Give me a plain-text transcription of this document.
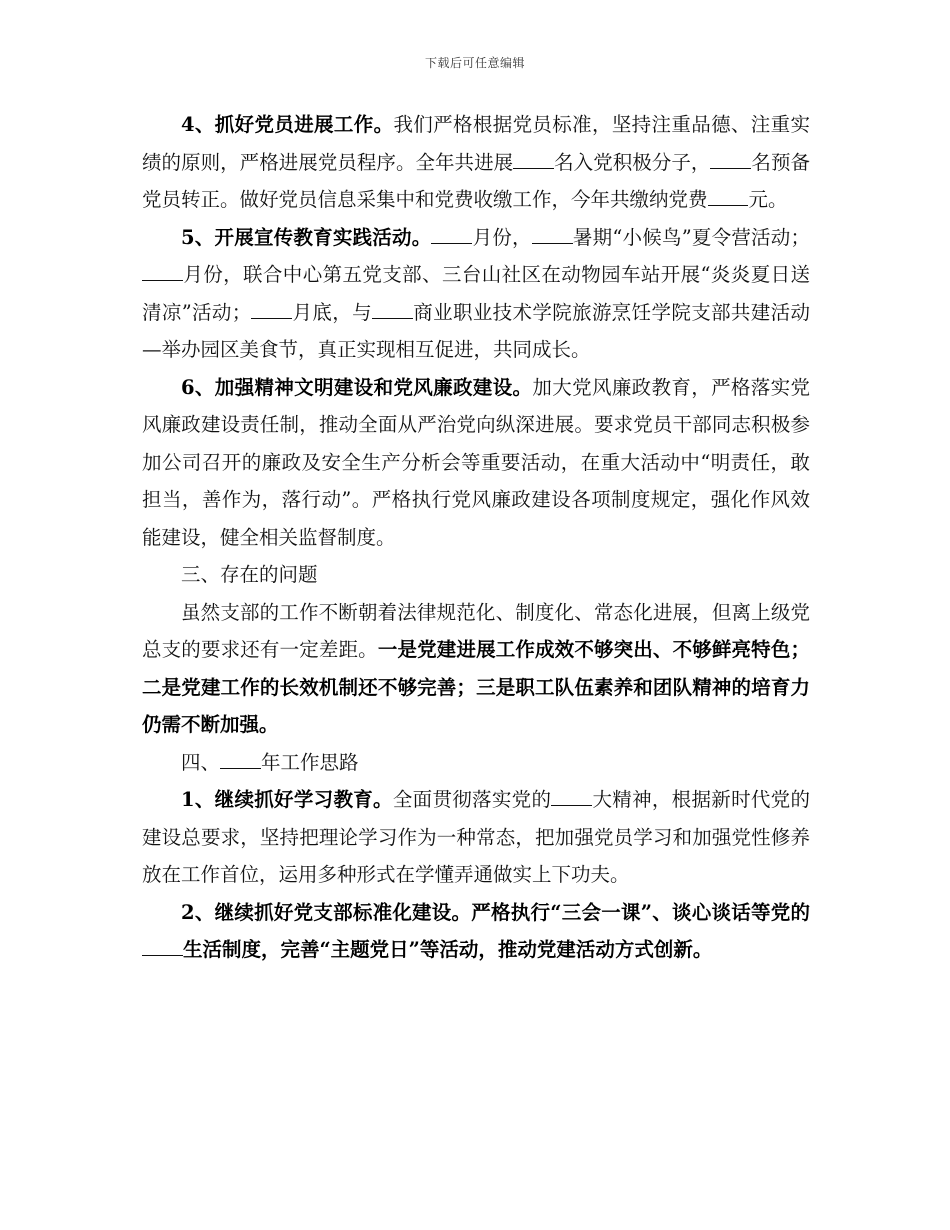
下载后可任意编辑

4、抓好党员进展工作。我们严格根据党员标准，坚持注重品德、注重实绩的原则，严格进展党员程序。全年共进展 名入党积极分子， 名预备党员转正。做好党员信息采集中和党费收缴工作，今年共缴纳党费 元。

5、开展宣传教育实践活动。 月份， 暑期“小候鸟”夏令营活动；月份，联合中心第五党支部、三台山社区在动物园车站开展“炎炎夏日送清凉”活动； 月底，与 商业职业技术学院旅游烹饪学院支部共建活动—举办园区美食节，真正实现相互促进，共同成长。

6、加强精神文明建设和党风廉政建设。加大党风廉政教育，严格落实党风廉政建设责任制，推动全面从严治党向纵深进展。要求党员干部同志积极参加公司召开的廉政及安全生产分析会等重要活动，在重大活动中“明责任，敢担当，善作为，落行动”。严格执行党风廉政建设各项制度规定，强化作风效能建设，健全相关监督制度。

三、存在的问题

虽然支部的工作不断朝着法律规范化、制度化、常态化进展，但离上级党总支的要求还有一定差距。一是党建进展工作成效不够突出、不够鲜亮特色；二是党建工作的长效机制还不够完善；三是职工队伍素养和团队精神的培育力仍需不断加强。

四、 年工作思路

1、继续抓好学习教育。全面贯彻落实党的 大精神，根据新时代党的建设总要求，坚持把理论学习作为一种常态，把加强党员学习和加强党性修养放在工作首位，运用多种形式在学懂弄通做实上下功夫。

2、继续抓好党支部标准化建设。严格执行“三会一课”、谈心谈话等党的生活制度，完善“主题党日”等活动，推动党建活动方式创新。
